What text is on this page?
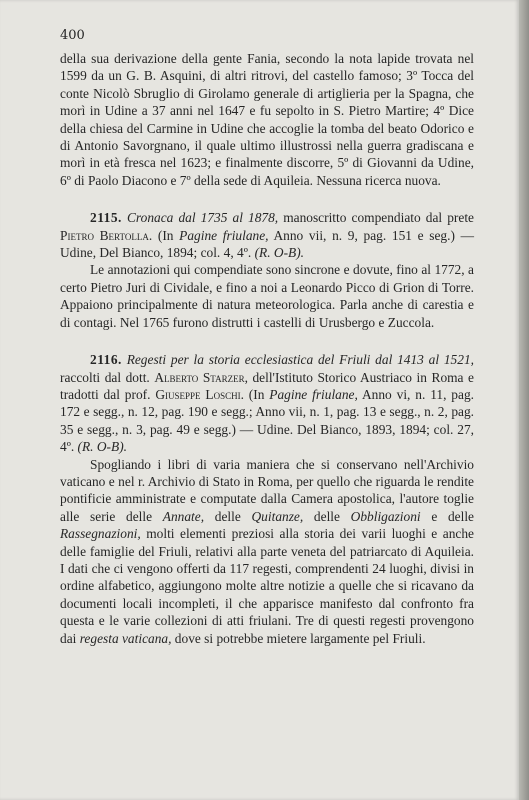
400

della sua derivazione della gente Fania, secondo la nota lapide trovata nel 1599 da un G. B. Asquini, di altri ritrovi, del castello famoso; 3º Tocca del conte Nicolò Sbruglio di Girolamo generale di artiglieria per la Spagna, che morì in Udine a 37 anni nel 1647 e fu sepolto in S. Pietro Martire; 4º Dice della chiesa del Carmine in Udine che accoglie la tomba del beato Odorico e di Antonio Savorgnano, il quale ultimo illustrossi nella guerra gradiscana e morì in età fresca nel 1623; e finalmente discorre, 5º di Giovanni da Udine, 6º di Paolo Diacono e 7º della sede di Aquileia. Nessuna ricerca nuova.

2115. Cronaca dal 1735 al 1878, manoscritto compendiato dal prete Pietro Bertolla. (In Pagine friulane, Anno vii, n. 9, pag. 151 e seg.) — Udine, Del Bianco, 1894; col. 4, 4º. (R. O-B).

Le annotazioni qui compendiate sono sincrone e dovute, fino al 1772, a certo Pietro Juri di Cividale, e fino a noi a Leonardo Picco di Grion di Torre. Appaiono principalmente di natura meteorologica. Parla anche di carestia e di contagi. Nel 1765 furono distrutti i castelli di Urusbergo e Zuccola.

2116. Regesti per la storia ecclesiastica del Friuli dal 1413 al 1521, raccolti dal dott. Alberto Starzer, dell'Istituto Storico Austriaco in Roma e tradotti dal prof. Giuseppe Loschi. (In Pagine friulane, Anno vi, n. 11, pag. 172 e segg., n. 12, pag. 190 e segg.; Anno vii, n. 1, pag. 13 e segg., n. 2, pag. 35 e segg., n. 3, pag. 49 e segg.) — Udine. Del Bianco, 1893, 1894; col. 27, 4º. (R. O-B).

Spogliando i libri di varia maniera che si conservano nell'Archivio vaticano e nel r. Archivio di Stato in Roma, per quello che riguarda le rendite pontificie amministrate e computate dalla Camera apostolica, l'autore toglie alle serie delle Annate, delle Quitanze, delle Obbligazioni e delle Rassegnazioni, molti elementi preziosi alla storia dei varii luoghi e anche delle famiglie del Friuli, relativi alla parte veneta del patriarcato di Aquileia. I dati che ci vengono offerti da 117 regesti, comprendenti 24 luoghi, divisi in ordine alfabetico, aggiungono molte altre notizie a quelle che si ricavano da documenti locali incompleti, il che apparisce manifesto dal confronto fra questa e le varie collezioni di atti friulani. Tre di questi regesti provengono dai regesta vaticana, dove si potrebbe mietere largamente pel Friuli.
